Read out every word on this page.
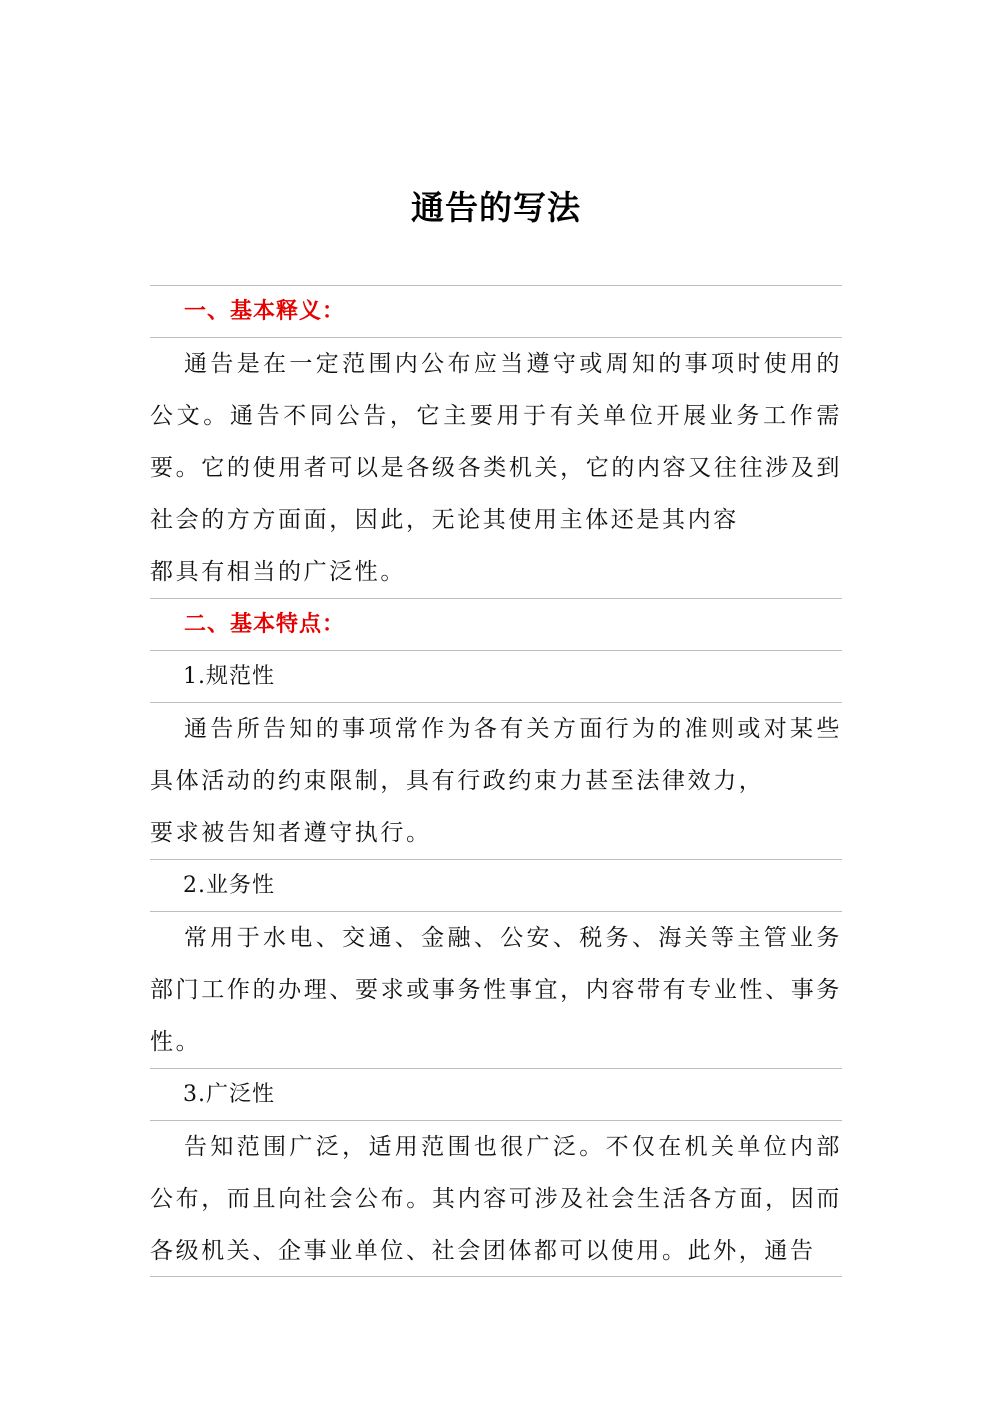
通告的写法
一、基本释义：
通告是在一定范围内公布应当遵守或周知的事项时使用的公文。通告不同公告，它主要用于有关单位开展业务工作需要。它的使用者可以是各级各类机关，它的内容又往往涉及到社会的方方面面，因此，无论其使用主体还是其内容
都具有相当的广泛性。
二、基本特点：
1.规范性
通告所告知的事项常作为各有关方面行为的准则或对某些具体活动的约束限制，具有行政约束力甚至法律效力，
要求被告知者遵守执行。
2.业务性
常用于水电、交通、金融、公安、税务、海关等主管业务部门工作的办理、要求或事务性事宜，内容带有专业性、事务性。
3.广泛性
告知范围广泛，适用范围也很广泛。不仅在机关单位内部公布，而且向社会公布。其内容可涉及社会生活各方面，因而各级机关、企事业单位、社会团体都可以使用。此外，通告
